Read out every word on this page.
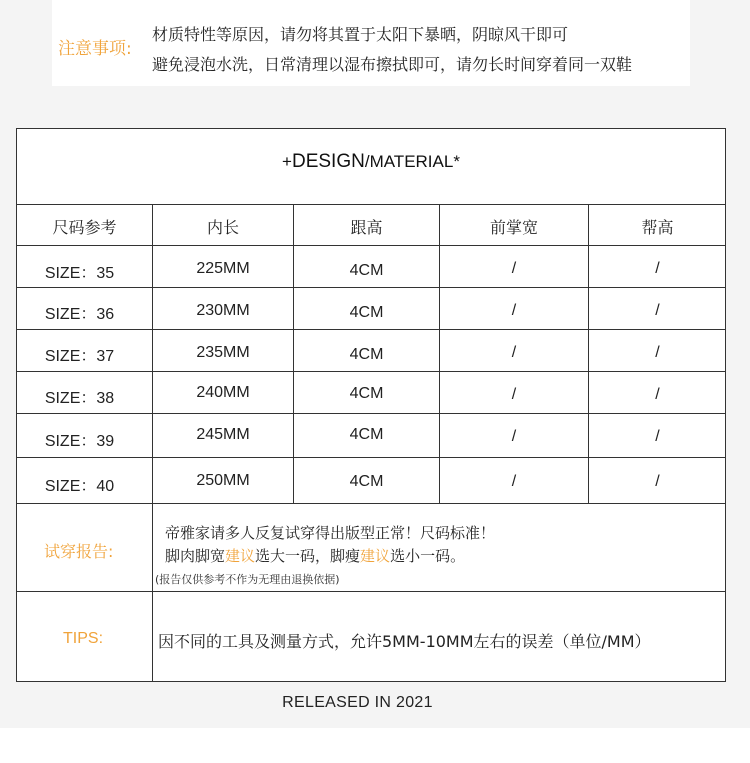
注意事项:
材质特性等原因，请勿将其置于太阳下暴晒，阴晾风干即可
避免浸泡水洗，日常清理以湿布擦拭即可，请勿长时间穿着同一双鞋
+DESIGN/MATERIAL*
尺码参考	内长	跟高	前掌宽	帮高
SIZE：35	225MM	4CM	/	/
SIZE：36	230MM	4CM	/	/
SIZE：37	235MM	4CM	/	/
SIZE：38	240MM	4CM	/	/
SIZE：39	245MM	4CM	/	/
SIZE：40	250MM	4CM	/	/
试穿报告:
帝雅家请多人反复试穿得出版型正常！尺码标准！
脚肉脚宽建议选大一码，脚瘦建议选小一码。
(报告仅供参考不作为无理由退换依据)
TIPS:	因不同的工具及测量方式，允许5MM-10MM左右的误差（单位/MM）
RELEASED IN 2021
